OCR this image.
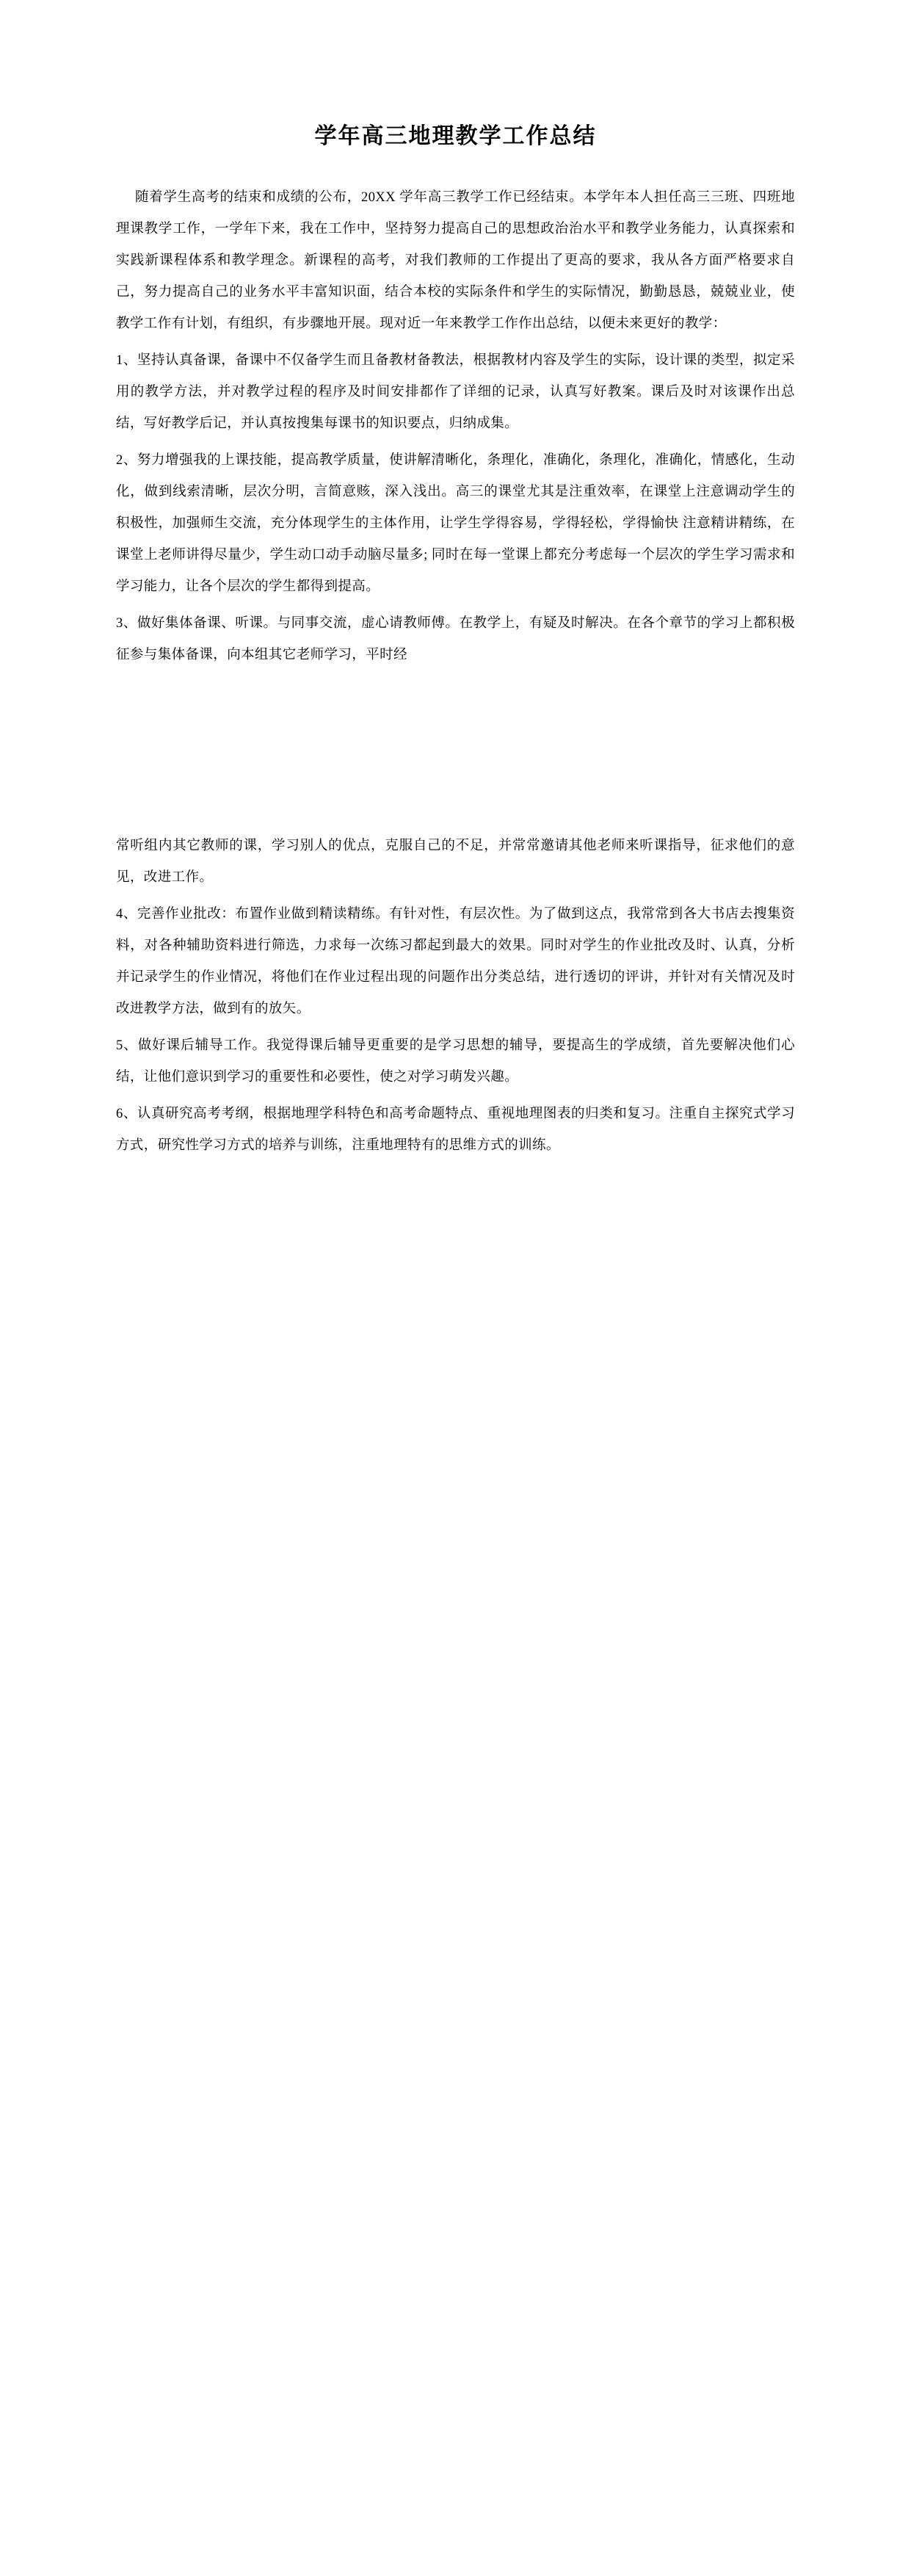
学年高三地理教学工作总结

随着学生高考的结束和成绩的公布，20XX 学年高三教学工作已经结束。本学年本人担任高三三班、四班地理课教学工作，一学年下来，我在工作中，坚持努力提高自己的思想政治治水平和教学业务能力，认真探索和实践新课程体系和教学理念。新课程的高考，对我们教师的工作提出了更高的要求，我从各方面严格要求自己，努力提高自己的业务水平丰富知识面，结合本校的实际条件和学生的实际情况，勤勤恳恳，兢兢业业，使教学工作有计划，有组织，有步骤地开展。现对近一年来教学工作作出总结，以便未来更好的教学：

1、坚持认真备课，备课中不仅备学生而且备教材备教法，根据教材内容及学生的实际，设计课的类型，拟定采用的教学方法，并对教学过程的程序及时间安排都作了详细的记录，认真写好教案。课后及时对该课作出总结，写好教学后记，并认真按搜集每课书的知识要点，归纳成集。

2、努力增强我的上课技能，提高教学质量，使讲解清晰化，条理化，准确化，条理化，准确化，情感化，生动化，做到线索清晰，层次分明，言简意赅，深入浅出。高三的课堂尤其是注重效率，在课堂上注意调动学生的积极性，加强师生交流，充分体现学生的主体作用，让学生学得容易，学得轻松，学得愉快 注意精讲精练，在课堂上老师讲得尽量少，学生动口动手动脑尽量多; 同时在每一堂课上都充分考虑每一个层次的学生学习需求和学习能力，让各个层次的学生都得到提高。

3、做好集体备课、听课。与同事交流，虚心请教师傅。在教学上，有疑及时解决。在各个章节的学习上都积极征参与集体备课，向本组其它老师学习，平时经

常听组内其它教师的课，学习别人的优点，克服自己的不足，并常常邀请其他老师来听课指导，征求他们的意见，改进工作。

4、完善作业批改：布置作业做到精读精练。有针对性，有层次性。为了做到这点，我常常到各大书店去搜集资料，对各种辅助资料进行筛选，力求每一次练习都起到最大的效果。同时对学生的作业批改及时、认真，分析并记录学生的作业情况，将他们在作业过程出现的问题作出分类总结，进行透切的评讲，并针对有关情况及时改进教学方法，做到有的放矢。

5、做好课后辅导工作。我觉得课后辅导更重要的是学习思想的辅导，要提高生的学成绩，首先要解决他们心结，让他们意识到学习的重要性和必要性，使之对学习萌发兴趣。

6、认真研究高考考纲，根据地理学科特色和高考命题特点、重视地理图表的归类和复习。注重自主探究式学习方式，研究性学习方式的培养与训练，注重地理特有的思维方式的训练。
